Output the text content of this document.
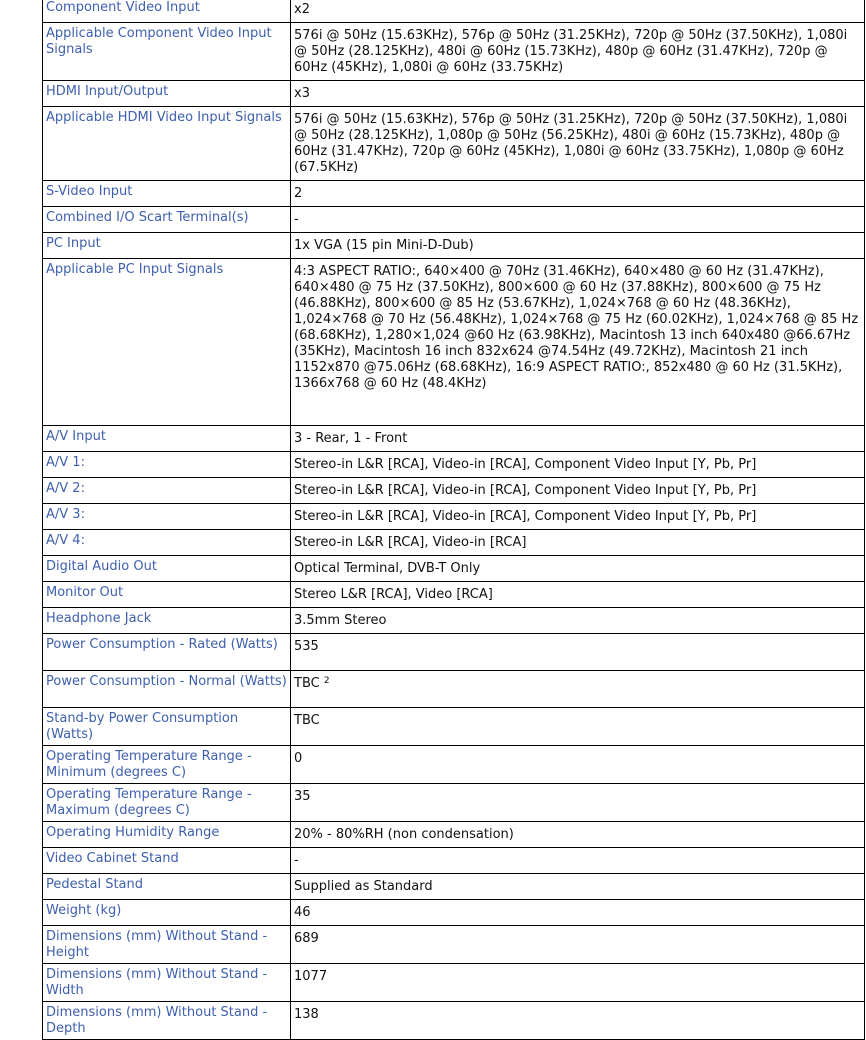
Component Video Input	x2

Applicable Component Video Input Signals	576i @ 50Hz (15.63KHz), 576p @ 50Hz (31.25KHz), 720p @ 50Hz (37.50KHz), 1,080i @ 50Hz (28.125KHz), 480i @ 60Hz (15.73KHz), 480p @ 60Hz (31.47KHz), 720p @ 60Hz (45KHz), 1,080i @ 60Hz (33.75KHz)

HDMI Input/Output	x3

Applicable HDMI Video Input Signals	576i @ 50Hz (15.63KHz), 576p @ 50Hz (31.25KHz), 720p @ 50Hz (37.50KHz), 1,080i @ 50Hz (28.125KHz), 1,080p @ 50Hz (56.25KHz), 480i @ 60Hz (15.73KHz), 480p @ 60Hz (31.47KHz), 720p @ 60Hz (45KHz), 1,080i @ 60Hz (33.75KHz), 1,080p @ 60Hz (67.5KHz)

S-Video Input	2

Combined I/O Scart Terminal(s)	-

PC Input	1x VGA (15 pin Mini-D-Dub)

Applicable PC Input Signals	4:3 ASPECT RATIO:, 640×400 @ 70Hz (31.46KHz), 640×480 @ 60 Hz (31.47KHz), 640×480 @ 75 Hz (37.50KHz), 800×600 @ 60 Hz (37.88KHz), 800×600 @ 75 Hz (46.88KHz), 800×600 @ 85 Hz (53.67KHz), 1,024×768 @ 60 Hz (48.36KHz), 1,024×768 @ 70 Hz (56.48KHz), 1,024×768 @ 75 Hz (60.02KHz), 1,024×768 @ 85 Hz (68.68KHz), 1,280×1,024 @60 Hz (63.98KHz), Macintosh 13 inch 640x480 @66.67Hz (35KHz), Macintosh 16 inch 832x624 @74.54Hz (49.72KHz), Macintosh 21 inch 1152x870 @75.06Hz (68.68KHz), 16:9 ASPECT RATIO:, 852x480 @ 60 Hz (31.5KHz), 1366x768 @ 60 Hz (48.4KHz)

A/V Input	3 - Rear, 1 - Front

A/V 1:	Stereo-in L&R [RCA], Video-in [RCA], Component Video Input [Y, Pb, Pr]

A/V 2:	Stereo-in L&R [RCA], Video-in [RCA], Component Video Input [Y, Pb, Pr]

A/V 3:	Stereo-in L&R [RCA], Video-in [RCA], Component Video Input [Y, Pb, Pr]

A/V 4:	Stereo-in L&R [RCA], Video-in [RCA]

Digital Audio Out	Optical Terminal, DVB-T Only

Monitor Out	Stereo L&R [RCA], Video [RCA]

Headphone Jack	3.5mm Stereo

Power Consumption - Rated (Watts)	535

Power Consumption - Normal (Watts)	TBC $^2$

Stand-by Power Consumption (Watts)	TBC

Operating Temperature Range - Minimum (degrees C)	0

Operating Temperature Range - Maximum (degrees C)	35

Operating Humidity Range	20% - 80%RH (non condensation)

Video Cabinet Stand	-

Pedestal Stand	Supplied as Standard

Weight (kg)	46

Dimensions (mm) Without Stand - Height	689

Dimensions (mm) Without Stand - Width	1077

Dimensions (mm) Without Stand - Depth	138
